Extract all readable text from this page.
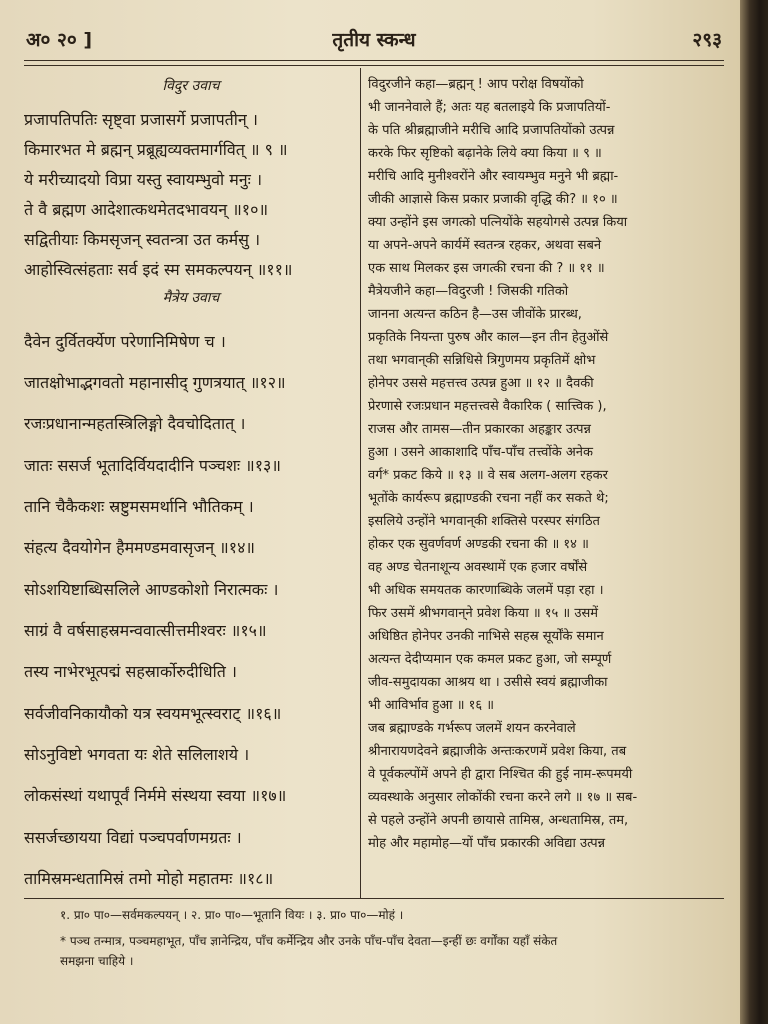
अ० २० ]	तृतीय स्कन्ध	२९३
विदुर उवाच
प्रजापतिपतिः सृष्ट्वा प्रजासर्गे प्रजापतीन् ।
किमारभत मे ब्रह्मन् प्रब्रूह्यव्यक्तमार्गवित् ॥ ९ ॥
ये मरीच्यादयो विप्रा यस्तु स्वायम्भुवो मनुः ।
ते वै ब्रह्मण आदेशात्कथमेतदभावयन् ॥१०॥
सद्वितीयाः किमसृजन् स्वतन्त्रा उत कर्मसु ।
आहोस्वित्संहताः सर्व इदं स्म समकल्पयन् ॥११॥
मैत्रेय उवाच
दैवेन दुर्वितर्क्येण परेणानिमिषेण च ।
जातक्षोभाद्भगवतो महानासीद् गुणत्रयात् ॥१२॥
रजःप्रधानान्महतस्त्रिलिङ्गो दैवचोदितात् ।
जातः ससर्ज भूतादिर्वियदादीनि पञ्चशः ॥१३॥
तानि चैकैकशः स्रष्टुमसमर्थानि भौतिकम् ।
संहत्य दैवयोगेन हैममण्डमवासृजन् ॥१४॥
सोऽशयिष्टाब्धिसलिले आण्डकोशो निरात्मकः ।
साग्रं वै वर्षसाहस्रमन्ववात्सीत्तमीश्वरः ॥१५॥
तस्य नाभेरभूत्पद्मं सहस्रार्कोरुदीधिति ।
सर्वजीवनिकायौको यत्र स्वयमभूत्स्वराट् ॥१६॥
सोऽनुविष्टो भगवता यः शेते सलिलाशये ।
लोकसंस्थां यथापूर्वं निर्ममे संस्थया स्वया ॥१७॥
ससर्जच्छायया विद्यां पञ्चपर्वाणमग्रतः ।
तामिस्रमन्धतामिस्रं तमो मोहो महातमः ॥१८॥
विदुरजीने कहा—ब्रह्मन् ! आप परोक्ष विषयोंको
भी जाननेवाले हैं; अतः यह बतलाइये कि प्रजापतियों-
के पति श्रीब्रह्माजीने मरीचि आदि प्रजापतियोंको उत्पन्न
करके फिर सृष्टिको बढ़ानेके लिये क्या किया ॥ ९ ॥
मरीचि आदि मुनीश्वरोंने और स्वायम्भुव मनुने भी ब्रह्मा-
जीकी आज्ञासे किस प्रकार प्रजाकी वृद्धि की? ॥ १० ॥
क्या उन्होंने इस जगत्को पत्नियोंके सहयोगसे उत्पन्न किया
या अपने-अपने कार्यमें स्वतन्त्र रहकर, अथवा सबने
एक साथ मिलकर इस जगत्की रचना की ? ॥ ११ ॥
मैत्रेयजीने कहा—विदुरजी ! जिसकी गतिको
जानना अत्यन्त कठिन है—उस जीवोंके प्रारब्ध,
प्रकृतिके नियन्ता पुरुष और काल—इन तीन हेतुओंसे
तथा भगवान्‌की सन्निधिसे त्रिगुणमय प्रकृतिमें क्षोभ
होनेपर उससे महत्तत्त्व उत्पन्न हुआ ॥ १२ ॥ दैवकी
प्रेरणासे रजःप्रधान महत्तत्त्वसे वैकारिक ( सात्त्विक ),
राजस और तामस—तीन प्रकारका अहङ्कार उत्पन्न
हुआ । उसने आकाशादि पाँच-पाँच तत्त्वोंके अनेक
वर्ग* प्रकट किये ॥ १३ ॥ वे सब अलग-अलग रहकर
भूतोंके कार्यरूप ब्रह्माण्डकी रचना नहीं कर सकते थे;
इसलिये उन्होंने भगवान्‌की शक्तिसे परस्पर संगठित
होकर एक सुवर्णवर्ण अण्डकी रचना की ॥ १४ ॥
वह अण्ड चेतनाशून्य अवस्थामें एक हजार वर्षोंसे
भी अधिक समयतक कारणाब्धिके जलमें पड़ा रहा ।
फिर उसमें श्रीभगवान्‌ने प्रवेश किया ॥ १५ ॥ उसमें
अधिष्ठित होनेपर उनकी नाभिसे सहस्र सूर्योंके समान
अत्यन्त देदीप्यमान एक कमल प्रकट हुआ, जो सम्पूर्ण
जीव-समुदायका आश्रय था । उसीसे स्वयं ब्रह्माजीका
भी आविर्भाव हुआ ॥ १६ ॥
जब ब्रह्माण्डके गर्भरूप जलमें शयन करनेवाले
श्रीनारायणदेवने ब्रह्माजीके अन्तःकरणमें प्रवेश किया, तब
वे पूर्वकल्पोंमें अपने ही द्वारा निश्चित की हुई नाम-रूपमयी
व्यवस्थाके अनुसार लोकोंकी रचना करने लगे ॥ १७ ॥ सब-
से पहले उन्होंने अपनी छायासे तामिस्र, अन्धतामिस्र, तम,
मोह और महामोह—यों पाँच प्रकारकी अविद्या उत्पन्न
१. प्रा० पा०—सर्वमकल्पयन् । २. प्रा० पा०—भूतानि वियः । ३. प्रा० पा०—मोहं ।
* पञ्च तन्मात्र, पञ्चमहाभूत, पाँच ज्ञानेन्द्रिय, पाँच कर्मेन्द्रिय और उनके पाँच-पाँच देवता—इन्हीं छः वर्गोंका यहाँ संकेत
समझना चाहिये ।
